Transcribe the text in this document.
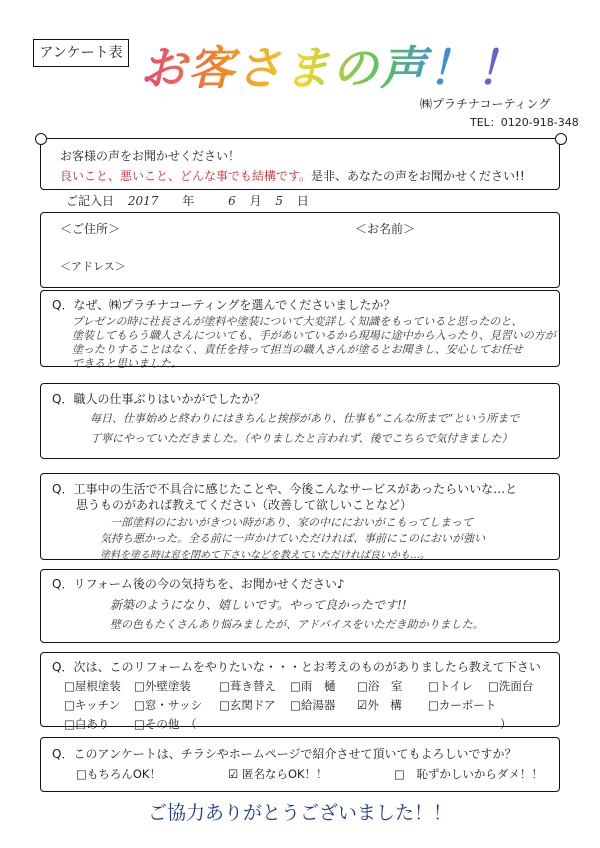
アンケート表 お客さまの声！！
㈱プラチナコーティング
TEL：0120-918-348
お客様の声をお聞かせください！
良いこと、悪いこと、どんな事でも結構です。是非、あなたの声をお聞かせください!!
ご記入日 2017 年	6 月 5 日
＜ご住所＞	＜お名前＞
＜アドレス＞
Q．なぜ、㈱プラチナコーティングを選んでくださいましたか？
プレゼンの時に社長さんが塗料や塗装について大変詳しく知識をもっていると思ったのと、
塗装してもらう職人さんについても、手があいているから現場に途中から入ったり、見習いの方が
塗ったりすることはなく、責任を持って担当の職人さんが塗るとお聞きし、安心してお任せ
できると思いました。
Q．職人の仕事ぶりはいかがでしたか？
毎日、仕事始めと終わりにはきちんと挨拶があり、仕事も“こんな所まで”という所まで
丁寧にやっていただきました。（やりましたと言われず、後でこちらで気付きました）
Q．工事中の生活で不具合に感じたことや、今後こんなサービスがあったらいいな…と
思うものがあれば教えてください（改善して欲しいことなど）
一部塗料のにおいがきつい時があり、家の中ににおいがこもってしまって
気持ち悪かった。全る前に一声かけていただければ、事前にこのにおいが強い
塗料を塗る時は窓を閉めて下さいなどを教えていただければ良いかも…。
Q．リフォーム後の今の気持ちを、お聞かせください♪
新築のようになり、嬉しいです。やって良かったです!!
壁の色もたくさんあり悩みましたが、アドバイスをいただき助かりました。
Q．次は、このリフォームをやりたいな・・・とお考えのものがありましたら教えて下さい
□屋根塗装 □外壁塗装 □葺き替え □雨　樋 □浴　室 □トイレ □洗面台
□キッチン □窓・サッシ □玄関ドア □給湯器 ☑外　構 □カーポート
□白あり □その他　（	）
Q．このアンケートは、チラシやホームページで紹介させて頂いてもよろしいですか？
□もちろんOK！	☑ 匿名ならOK！！	□　恥ずかしいからダメ！！
ご協力ありがとうございました！！
